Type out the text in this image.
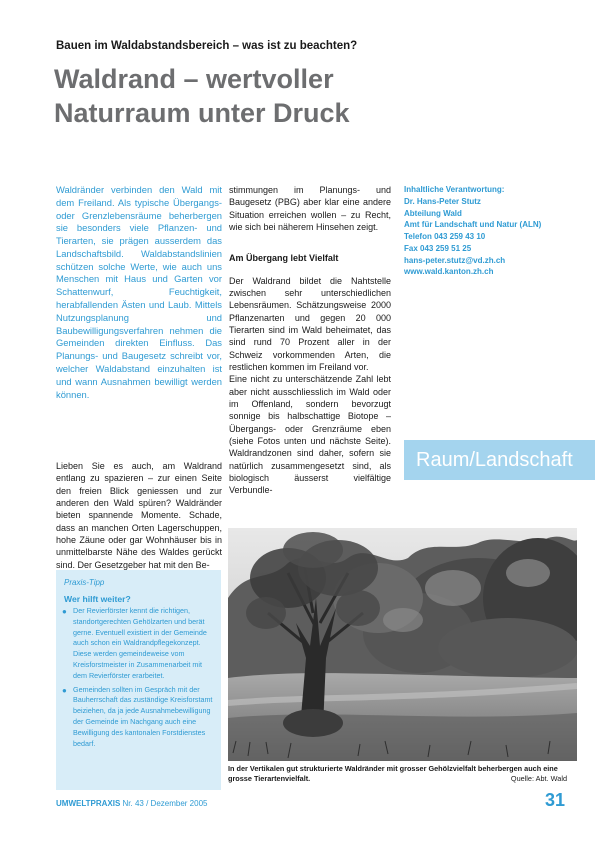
Bauen im Waldabstandsbereich – was ist zu beachten?
Waldrand – wertvoller
Naturraum unter Druck
Waldränder verbinden den Wald mit dem Freiland. Als typische Übergangs- oder Grenzlebensräume beherbergen sie besonders viele Pflanzen- und Tierarten, sie prägen ausserdem das Landschaftsbild. Waldabstandslinien schützen solche Werte, wie auch uns Menschen mit Haus und Garten vor Schattenwurf, Feuchtigkeit, herabfallenden Ästen und Laub. Mittels Nutzungsplanung und Baubewilligungsverfahren nehmen die Gemeinden direkten Einfluss. Das Planungs- und Baugesetz schreibt vor, welcher Waldabstand einzuhalten ist und wann Ausnahmen bewilligt werden können.
Lieben Sie es auch, am Waldrand entlang zu spazieren – zur einen Seite den freien Blick geniessen und zur anderen den Wald spüren? Waldränder bieten spannende Momente. Schade, dass an manchen Orten Lagerschuppen, hohe Zäune oder gar Wohnhäuser bis in unmittelbarste Nähe des Waldes gerückt sind. Der Gesetzgeber hat mit den Be-

stimmungen im Planungs- und Baugesetz (PBG) aber klar eine andere Situation erreichen wollen – zu Recht, wie sich bei näherem Hinsehen zeigt.

Am Übergang lebt Vielfalt

Der Waldrand bildet die Nahtstelle zwischen sehr unterschiedlichen Lebensräumen. Schätzungsweise 2000 Pflanzenarten und gegen 20 000 Tierarten sind im Wald beheimatet, das sind rund 70 Prozent aller in der Schweiz vorkommenden Arten, die restlichen kommen im Freiland vor.

Eine nicht zu unterschätzende Zahl lebt aber nicht ausschliesslich im Wald oder im Offenland, sondern bevorzugt sonnige bis halbschattige Biotope – Übergangs- oder Grenzräume eben (siehe Fotos unten und nächste Seite). Waldrandzonen sind daher, sofern sie natürlich zusammengesetzt sind, als biologisch äusserst vielfältige Verbundle-

Inhaltliche Verantwortung:
Dr. Hans-Peter Stutz
Abteilung Wald
Amt für Landschaft und Natur (ALN)
Telefon 043 259 43 10
Fax 043 259 51 25
hans-peter.stutz@vd.zh.ch
www.wald.kanton.zh.ch
Raum/Landschaft
Praxis-Tipp
Wer hilft weiter?
● Der Revierförster kennt die richtigen, standortgerechten Gehölzarten und berät gerne. Eventuell existiert in der Gemeinde auch schon ein Waldrandpflegekonzept. Diese werden gemeindeweise vom Kreisforstmeister in Zusammenarbeit mit dem Revierförster erarbeitet.
● Gemeinden sollten im Gespräch mit der Bauherrschaft das zuständige Kreisforstamt beiziehen, da ja jede Ausnahmebewilligung der Gemeinde im Nachgang auch eine Bewilligung des kantonalen Forstdienstes bedarf.
In der Vertikalen gut strukturierte Waldränder mit grosser Gehölzvielfalt beherbergen auch eine grosse Tierartenvielfalt.	Quelle: Abt. Wald
UMWELTPRAXIS Nr. 43 / Dezember 2005	31
